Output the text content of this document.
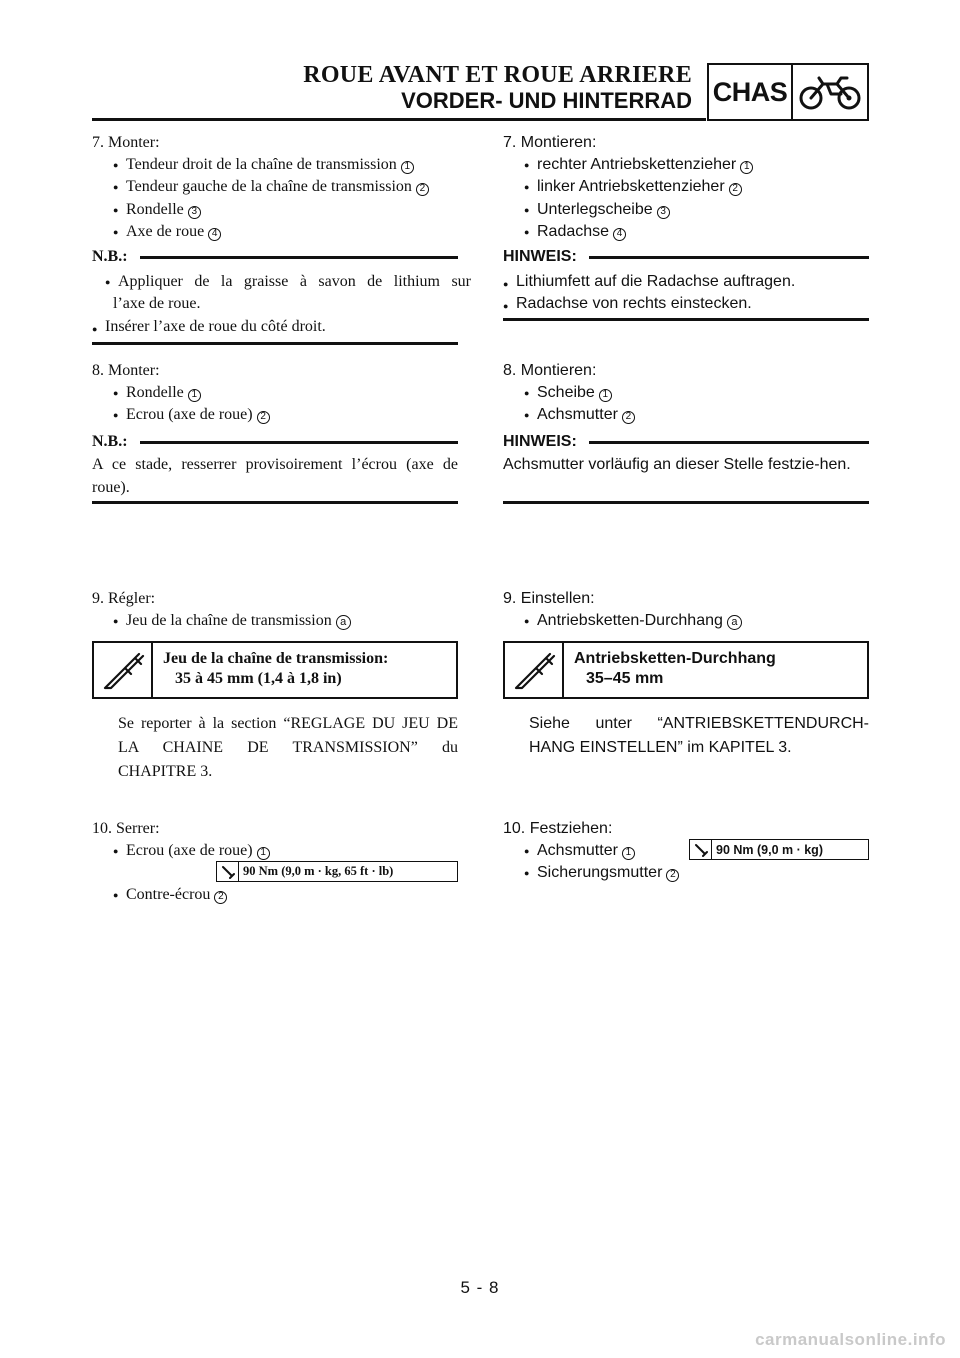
ROUE AVANT ET ROUE ARRIERE
VORDER- UND HINTERRAD CHAS
7. Monter:
● Tendeur droit de la chaîne de transmission 1
● Tendeur gauche de la chaîne de transmission 2
● Rondelle 3
● Axe de roue 4
N.B.:
● Appliquer de la graisse à savon de lithium sur
l’axe de roue.
● Insérer l’axe de roue du côté droit.
8. Monter:
● Rondelle 1
● Ecrou (axe de roue) 2
N.B.:
A ce stade, resserrer provisoirement l’écrou (axe de roue).
9. Régler:
● Jeu de la chaîne de transmission a
Jeu de la chaîne de transmission:
35 à 45 mm (1,4 à 1,8 in)
Se reporter à la section “REGLAGE DU JEU DE LA CHAINE DE TRANSMISSION” du CHAPITRE 3.
10. Serrer:
● Ecrou (axe de roue) 1
90 Nm (9,0 m · kg, 65 ft · lb)
● Contre-écrou 2
7. Montieren:
● rechter Antriebskettenzieher 1
● linker Antriebskettenzieher 2
● Unterlegscheibe 3
● Radachse 4
HINWEIS:
● Lithiumfett auf die Radachse auftragen.
● Radachse von rechts einstecken.
8. Montieren:
● Scheibe 1
● Achsmutter 2
HINWEIS:
Achsmutter vorläufig an dieser Stelle festzie-hen.
9. Einstellen:
● Antriebsketten-Durchhang a
Antriebsketten-Durchhang
35–45 mm
Siehe unter “ANTRIEBSKETTENDURCH-HANG EINSTELLEN” im KAPITEL 3.
10. Festziehen:
● Achsmutter 1	90 Nm (9,0 m · kg)
● Sicherungsmutter 2
5 - 8
carmanualsonline.info
